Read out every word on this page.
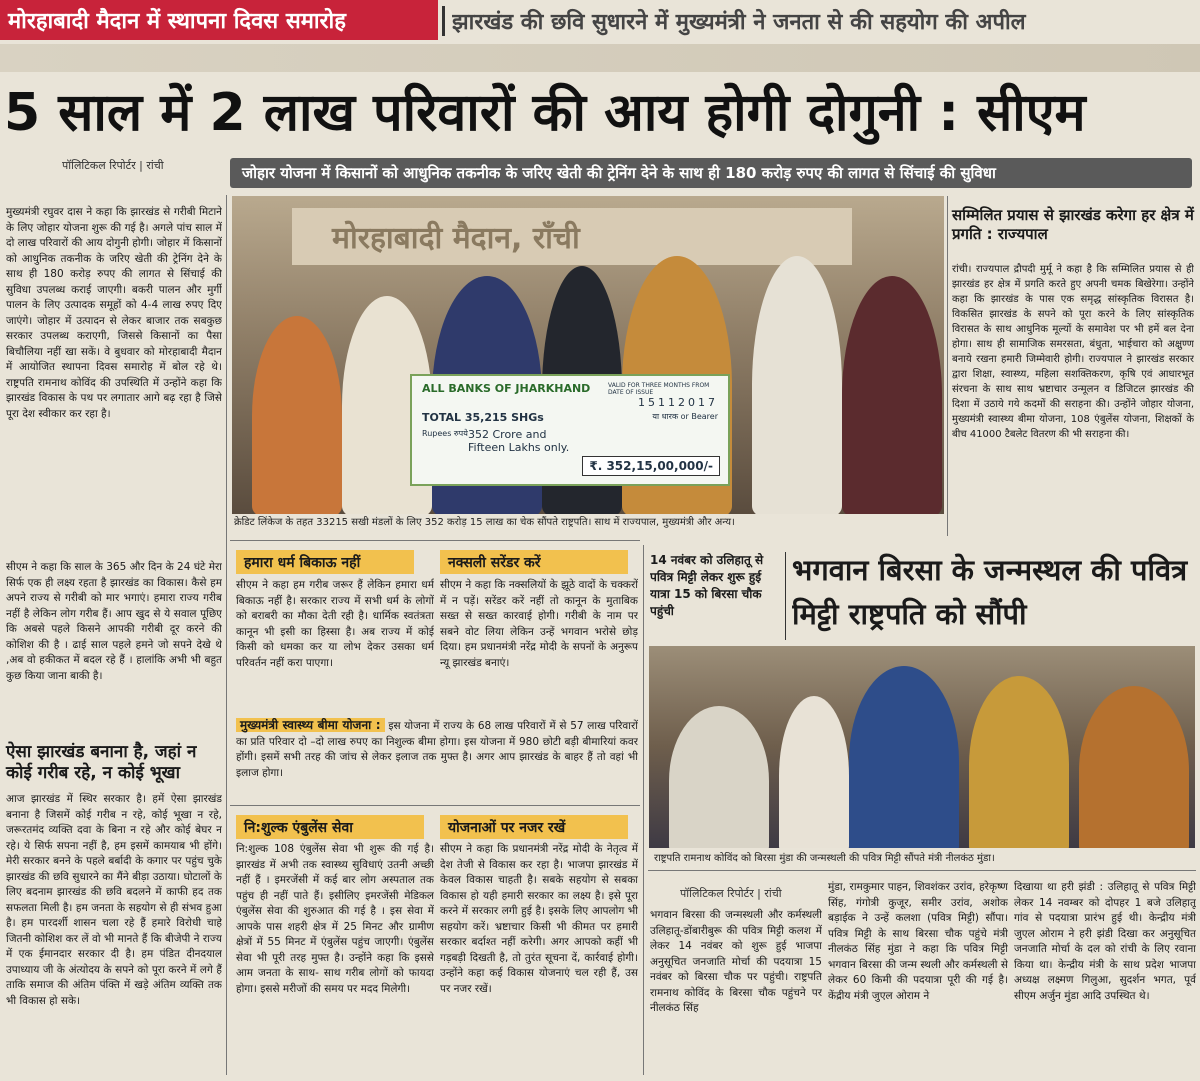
मोरहाबादी मैदान में स्थापना दिवस समारोह	झारखंड की छवि सुधारने में मुख्यमंत्री ने जनता से की सहयोग की अपील
5 साल में 2 लाख परिवारों की आय होगी दोगुनी : सीएम
पॉलिटिकल रिपोर्टर | रांची	जोहार योजना में किसानों को आधुनिक तकनीक के जरिए खेती की ट्रेनिंग देने के साथ ही 180 करोड़ रुपए की लागत से सिंचाई की सुविधा
मुख्यमंत्री रघुवर दास ने कहा कि झारखंड से गरीबी मिटाने के लिए जोहार योजना शुरू की गई है। अगले पांच साल में दो लाख परिवारों की आय दोगुनी होगी। जोहार में किसानों को आधुनिक तकनीक के जरिए खेती की ट्रेनिंग देने के साथ ही 180 करोड़ रुपए की लागत से सिंचाई की सुविधा उपलब्ध कराई जाएगी। बकरी पालन और मुर्गी पालन के लिए उत्पादक समूहों को 4-4 लाख रुपए दिए जाएंगे। जोहार में उत्पादन से लेकर बाजार तक सबकुछ सरकार उपलब्ध कराएगी, जिससे किसानों का पैसा बिचौलिया नहीं खा सकें। वे बुधवार को मोरहाबादी मैदान में आयोजित स्थापना दिवस समारोह में बोल रहे थे। राष्ट्रपति रामनाथ कोविंद की उपस्थिति में उन्होंने कहा कि झारखंड विकास के पथ पर लगातार आगे बढ़ रहा है जिसे पूरा देश स्वीकार कर रहा है।
सीएम ने कहा कि साल के 365 और दिन के 24 घंटे मेरा सिर्फ एक ही लक्ष्य रहता है झारखंड का विकास। कैसे हम अपने राज्य से गरीबी को मार भगाएं। हमारा राज्य गरीब नहीं है लेकिन लोग गरीब हैं। आप खुद से ये सवाल पूछिए कि अबसे पहले किसने आपकी गरीबी दूर करने की कोशिश की है । ढाई साल पहले हमने जो सपने देखे थे ,अब वो हकीकत में बदल रहे हैं । हालांकि अभी भी बहुत कुछ किया जाना बाकी है।
ऐसा झारखंड बनाना है, जहां न कोई गरीब रहे, न कोई भूखा
आज झारखंड में स्थिर सरकार है। हमें ऐसा झारखंड बनाना है जिसमें कोई गरीब न रहे, कोई भूखा न रहे, जरूरतमंद व्यक्ति दवा के बिना न रहे और कोई बेघर न रहे। ये सिर्फ सपना नहीं है, हम इसमें कामयाब भी होंगे। मेरी सरकार बनने के पहले बर्बादी के कगार पर पहुंच चुके झारखंड की छवि सुधारने का मैंने बीड़ा उठाया। घोटालों के लिए बदनाम झारखंड की छवि बदलने में काफी हद तक सफलता मिली है। हम जनता के सहयोग से ही संभव हुआ है। हम पारदर्शी शासन चला रहे हैं हमारे विरोधी चाहे जितनी कोशिश कर लें वो भी मानते हैं कि बीजेपी ने राज्य में एक ईमानदार सरकार दी है। हम पंडित दीनदयाल उपाध्याय जी के अंत्योदय के सपने को पूरा करने में लगे हैं ताकि समाज की अंतिम पंक्ति में खड़े अंतिम व्यक्ति तक भी विकास हो सके।
मोरहाबादी मैदान, राँची
ALL BANKS OF JHARKHAND	VALID FOR THREE MONTHS FROM DATE OF ISSUE
15112017
TOTAL 35,215 SHGs	या धारक or Bearer
Rupees रुपये 352 Crore and
Fifteen Lakhs only.
₹. 352,15,00,000/-
क्रेडिट लिंकेज के तहत 33215 सखी मंडलों के लिए 352 करोड़ 15 लाख का चेक सौंपते राष्ट्रपति। साथ में राज्यपाल, मुख्यमंत्री और अन्य।
सम्मिलित प्रयास से झारखंड करेगा हर क्षेत्र में प्रगति : राज्यपाल
रांची। राज्यपाल द्रौपदी मुर्मू ने कहा है कि सम्मिलित प्रयास से ही झारखंड हर क्षेत्र में प्रगति करते हुए अपनी चमक बिखेरेगा। उन्होंने कहा कि झारखंड के पास एक समृद्ध सांस्कृतिक विरासत है। विकसित झारखंड के सपने को पूरा करने के लिए सांस्कृतिक विरासत के साथ आधुनिक मूल्यों के समावेश पर भी हमें बल देना होगा। साथ ही सामाजिक समरसता, बंधुता, भाईचारा को अक्षुण्ण बनाये रखना हमारी जिम्मेवारी होगी। राज्यपाल ने झारखंड सरकार द्वारा शिक्षा, स्वास्थ्य, महिला सशक्तिकरण, कृषि एवं आधारभूत संरचना के साथ साथ भ्रष्टाचार उन्मूलन व डिजिटल झारखंड की दिशा में उठाये गये कदमों की सराहना की। उन्होंने जोहार योजना, मुख्यमंत्री स्वास्थ्य बीमा योजना, 108 एंबुलेंस योजना, शिक्षकों के बीच 41000 टैबलेट वितरण की भी सराहना की।
हमारा धर्म बिकाऊ नहीं
सीएम ने कहा हम गरीब जरूर हैं लेकिन हमारा धर्म बिकाऊ नहीं है। सरकार राज्य में सभी धर्म के लोगों को बराबरी का मौका देती रही है। धार्मिक स्वतंत्रता कानून भी इसी का हिस्सा है। अब राज्य में कोई किसी को धमका कर या लोभ देकर उसका धर्म परिवर्तन नहीं करा पाएगा।
नक्सली सरेंडर करें
सीएम ने कहा कि नक्सलियों के झूठे वादों के चक्करों में न पड़ें। सरेंडर करें नहीं तो कानून के मुताबिक सख्त से सख्त कारवाई होगी। गरीबी के नाम पर सबने वोट लिया लेकिन उन्हें भगवान भरोसे छोड़ दिया। हम प्रधानमंत्री नरेंद्र मोदी के सपनों के अनुरूप न्यू झारखंड बनाएं।
मुख्यमंत्री स्वास्थ्य बीमा योजना : इस योजना में राज्य के 68 लाख परिवारों में से 57 लाख परिवारों का प्रति परिवार दो –दो लाख रुपए का निशुल्क बीमा होगा। इस योजना में 980 छोटी बड़ी बीमारियां कवर होंगी। इसमें सभी तरह की जांच से लेकर इलाज तक मुफ्त है। अगर आप झारखंड के बाहर हैं तो वहां भी इलाज होगा।
नि:शुल्क एंबुलेंस सेवा
नि:शुल्क 108 एंबुलेंस सेवा भी शुरू की गई है। झारखंड में अभी तक स्वास्थ्य सुविधाएं उतनी अच्छी नहीं हैं । इमरजेंसी में कई बार लोग अस्पताल तक पहुंच ही नहीं पाते हैं। इसीलिए इमरजेंसी मेडिकल एंबुलेंस सेवा की शुरुआत की गई है । इस सेवा में आपके पास शहरी क्षेत्र में 25 मिनट और ग्रामीण क्षेत्रों में 55 मिनट में एंबुलेंस पहुंच जाएगी। एंबुलेंस सेवा भी पूरी तरह मुफ्त है। उन्होंने कहा कि इससे आम जनता के साथ- साथ गरीब लोगों को फायदा होगा। इससे मरीजों की समय पर मदद मिलेगी।
योजनाओं पर नजर रखें
सीएम ने कहा कि प्रधानमंत्री नरेंद्र मोदी के नेतृत्व में देश तेजी से विकास कर रहा है। भाजपा झारखंड में केवल विकास चाहती है। सबके सहयोग से सबका विकास हो यही हमारी सरकार का लक्ष्य है। इसे पूरा करने में सरकार लगी हुई है। इसके लिए आपलोग भी सहयोग करें। भ्रष्टाचार किसी भी कीमत पर हमारी सरकार बर्दाश्त नहीं करेगी। अगर आपको कहीं भी गड़बड़ी दिखती है, तो तुरंत सूचना दें, कार्रवाई होगी। उन्होंने कहा कई विकास योजनाएं चल रही हैं, उस पर नजर रखें।
14 नवंबर को उलिहातू से पवित्र मिट्टी लेकर शुरू हुई यात्रा 15 को बिरसा चौक पहुंची
भगवान बिरसा के जन्मस्थल की पवित्र मिट्टी राष्ट्रपति को सौंपी
राष्ट्रपति रामनाथ कोविंद को बिरसा मुंडा की जन्मस्थली की पवित्र मिट्टी सौंपते मंत्री नीलकंठ मुंडा।
पॉलिटिकल रिपोर्टर | रांची
भगवान बिरसा की जन्मस्थली और कर्मस्थली उलिहातू-डोंबारीबुरू की पवित्र मिट्टी कलश में लेकर 14 नवंबर को शुरू हुई भाजपा अनुसूचित जनजाति मोर्चा की पदयात्रा 15 नवंबर को बिरसा चौक पर पहुंची। राष्ट्रपति रामनाथ कोविंद के बिरसा चौक पहुंचने पर नीलकंठ सिंह
मुंडा, रामकुमार पाहन, शिवशंकर उरांव, हरेकृष्ण सिंह, गंगोत्री कुजूर, समीर उरांव, अशोक बड़ाईक ने उन्हें कलशा (पवित्र मिट्टी) सौंपा। पवित्र मिट्टी के साथ बिरसा चौक पहुंचे मंत्री नीलकंठ सिंह मुंडा ने कहा कि पवित्र मिट्टी भगवान बिरसा की जन्म स्थली और कर्मस्थली से लेकर 60 किमी की पदयात्रा पूरी की गई है। केंद्रीय मंत्री जुएल ओराम ने
दिखाया था हरी झंडी : उलिहातू से पवित्र मिट्टी लेकर 14 नवम्बर को दोपहर 1 बजे उलिहातू गांव से पदयात्रा प्रारंभ हुई थी। केन्द्रीय मंत्री जुएल ओराम ने हरी झंडी दिखा कर अनुसूचित जनजाति मोर्चा के दल को रांची के लिए रवाना किया था। केन्द्रीय मंत्री के साथ प्रदेश भाजपा अध्यक्ष लक्ष्मण गिलुआ, सुदर्शन भगत, पूर्व सीएम अर्जुन मुंडा आदि उपस्थित थे।
